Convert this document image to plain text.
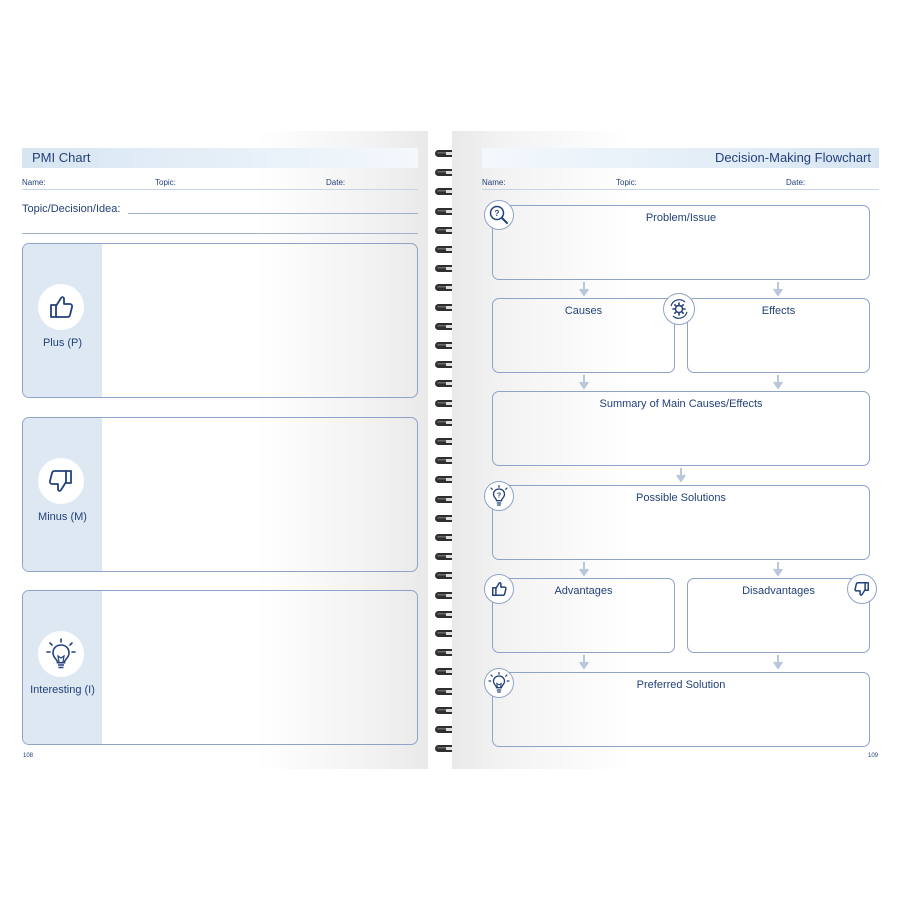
PMI Chart
Name:	Topic:	Date:
Topic/Decision/Idea:
Plus (P)
Minus (M)
Interesting (I)
108
Decision-Making Flowchart
Name:	Topic:	Date:
Problem/Issue
?
Causes	Effects
Summary of Main Causes/Effects
Possible Solutions
?
Advantages	Disadvantages
Preferred Solution
109
